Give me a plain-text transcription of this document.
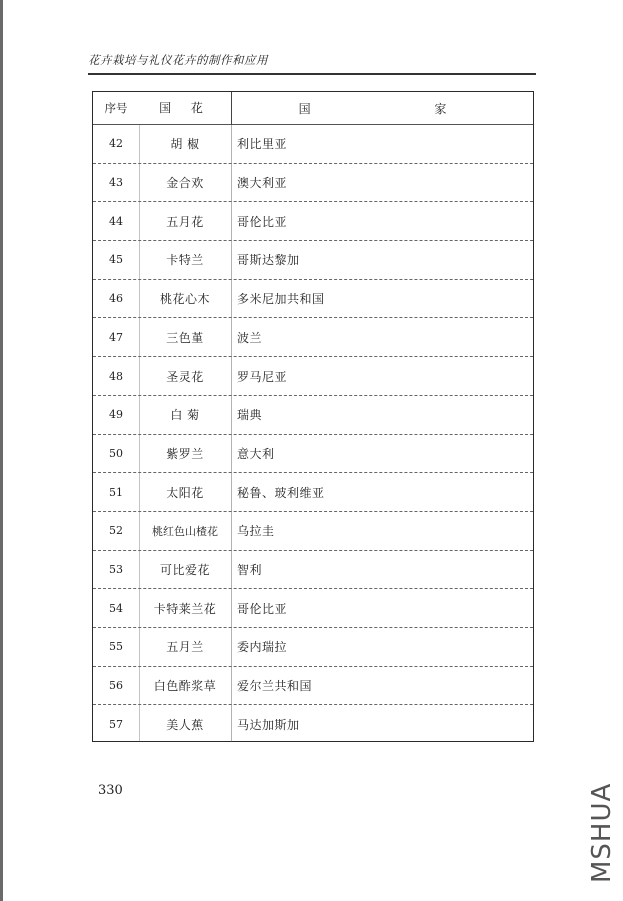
花卉栽培与礼仪花卉的制作和应用
序号	国 花	国 家
42	胡 椒	利比里亚
43	金合欢	澳大利亚
44	五月花	哥伦比亚
45	卡特兰	哥斯达黎加
46	桃花心木	多米尼加共和国
47	三色堇	波兰
48	圣灵花	罗马尼亚
49	白 菊	瑞典
50	紫罗兰	意大利
51	太阳花	秘鲁、玻利维亚
52	桃红色山楂花	乌拉圭
53	可比爱花	智利
54	卡特莱兰花	哥伦比亚
55	五月兰	委内瑞拉
56	白色酢浆草	爱尔兰共和国
57	美人蕉	马达加斯加
330	MSHUA
